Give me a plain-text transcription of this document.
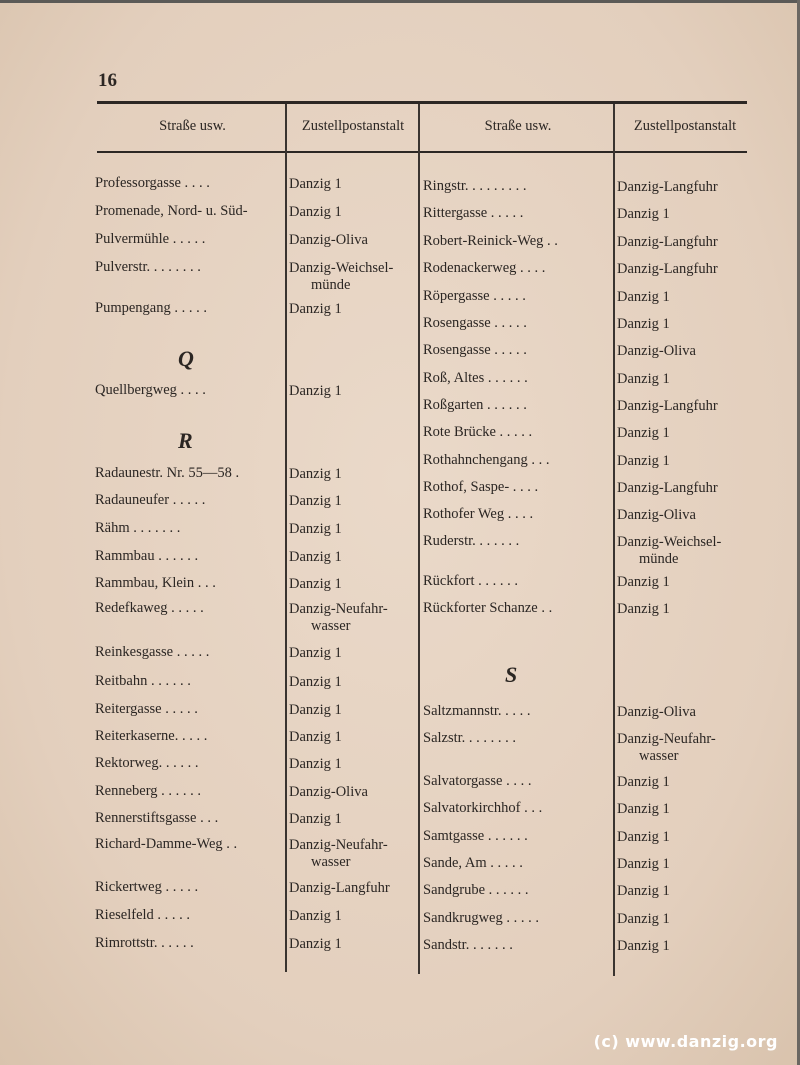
16
Straße usw.	Zustellpostanstalt	Straße usw.	Zustellpostanstalt
Q
R
S
Professorgasse . . . .	Danzig 1
Promenade, Nord- u. Süd-	Danzig 1
Pulvermühle . . . . .	Danzig-Oliva
Pulverstr. . . . . . . .	Danzig-Weichsel-
münde
Pumpengang . . . . .	Danzig 1
Quellbergweg . . . .	Danzig 1
Radaunestr. Nr. 55—58 .	Danzig 1
Radauneufer . . . . .	Danzig 1
Rähm . . . . . . .	Danzig 1
Rammbau . . . . . .	Danzig 1
Rammbau, Klein . . .	Danzig 1
Redefkaweg . . . . .	Danzig-Neufahr-
wasser
Reinkesgasse . . . . .	Danzig 1
Reitbahn . . . . . .	Danzig 1
Reitergasse . . . . .	Danzig 1
Reiterkaserne. . . . .	Danzig 1
Rektorweg. . . . . .	Danzig 1
Renneberg . . . . . .	Danzig-Oliva
Rennerstiftsgasse . . .	Danzig 1
Richard-Damme-Weg . .	Danzig-Neufahr-
wasser
Rickertweg . . . . .	Danzig-Langfuhr
Rieselfeld . . . . .	Danzig 1
Rimrottstr. . . . . .	Danzig 1
Ringstr. . . . . . . . .	Danzig-Langfuhr
Rittergasse . . . . .	Danzig 1
Robert-Reinick-Weg . .	Danzig-Langfuhr
Rodenackerweg . . . .	Danzig-Langfuhr
Röpergasse . . . . .	Danzig 1
Rosengasse . . . . .	Danzig 1
Rosengasse . . . . .	Danzig-Oliva
Roß, Altes . . . . . .	Danzig 1
Roßgarten . . . . . .	Danzig-Langfuhr
Rote Brücke . . . . .	Danzig 1
Rothahnchengang . . .	Danzig 1
Rothof, Saspe- . . . .	Danzig-Langfuhr
Rothofer Weg . . . .	Danzig-Oliva
Ruderstr. . . . . . .	Danzig-Weichsel-
münde
Rückfort . . . . . .	Danzig 1
Rückforter Schanze . .	Danzig 1
Saltzmannstr. . . . .	Danzig-Oliva
Salzstr. . . . . . . .	Danzig-Neufahr-
wasser
Salvatorgasse . . . .	Danzig 1
Salvatorkirchhof . . .	Danzig 1
Samtgasse . . . . . .	Danzig 1
Sande, Am . . . . .	Danzig 1
Sandgrube . . . . . .	Danzig 1
Sandkrugweg . . . . .	Danzig 1
Sandstr. . . . . . .	Danzig 1
(c) www.danzig.org
